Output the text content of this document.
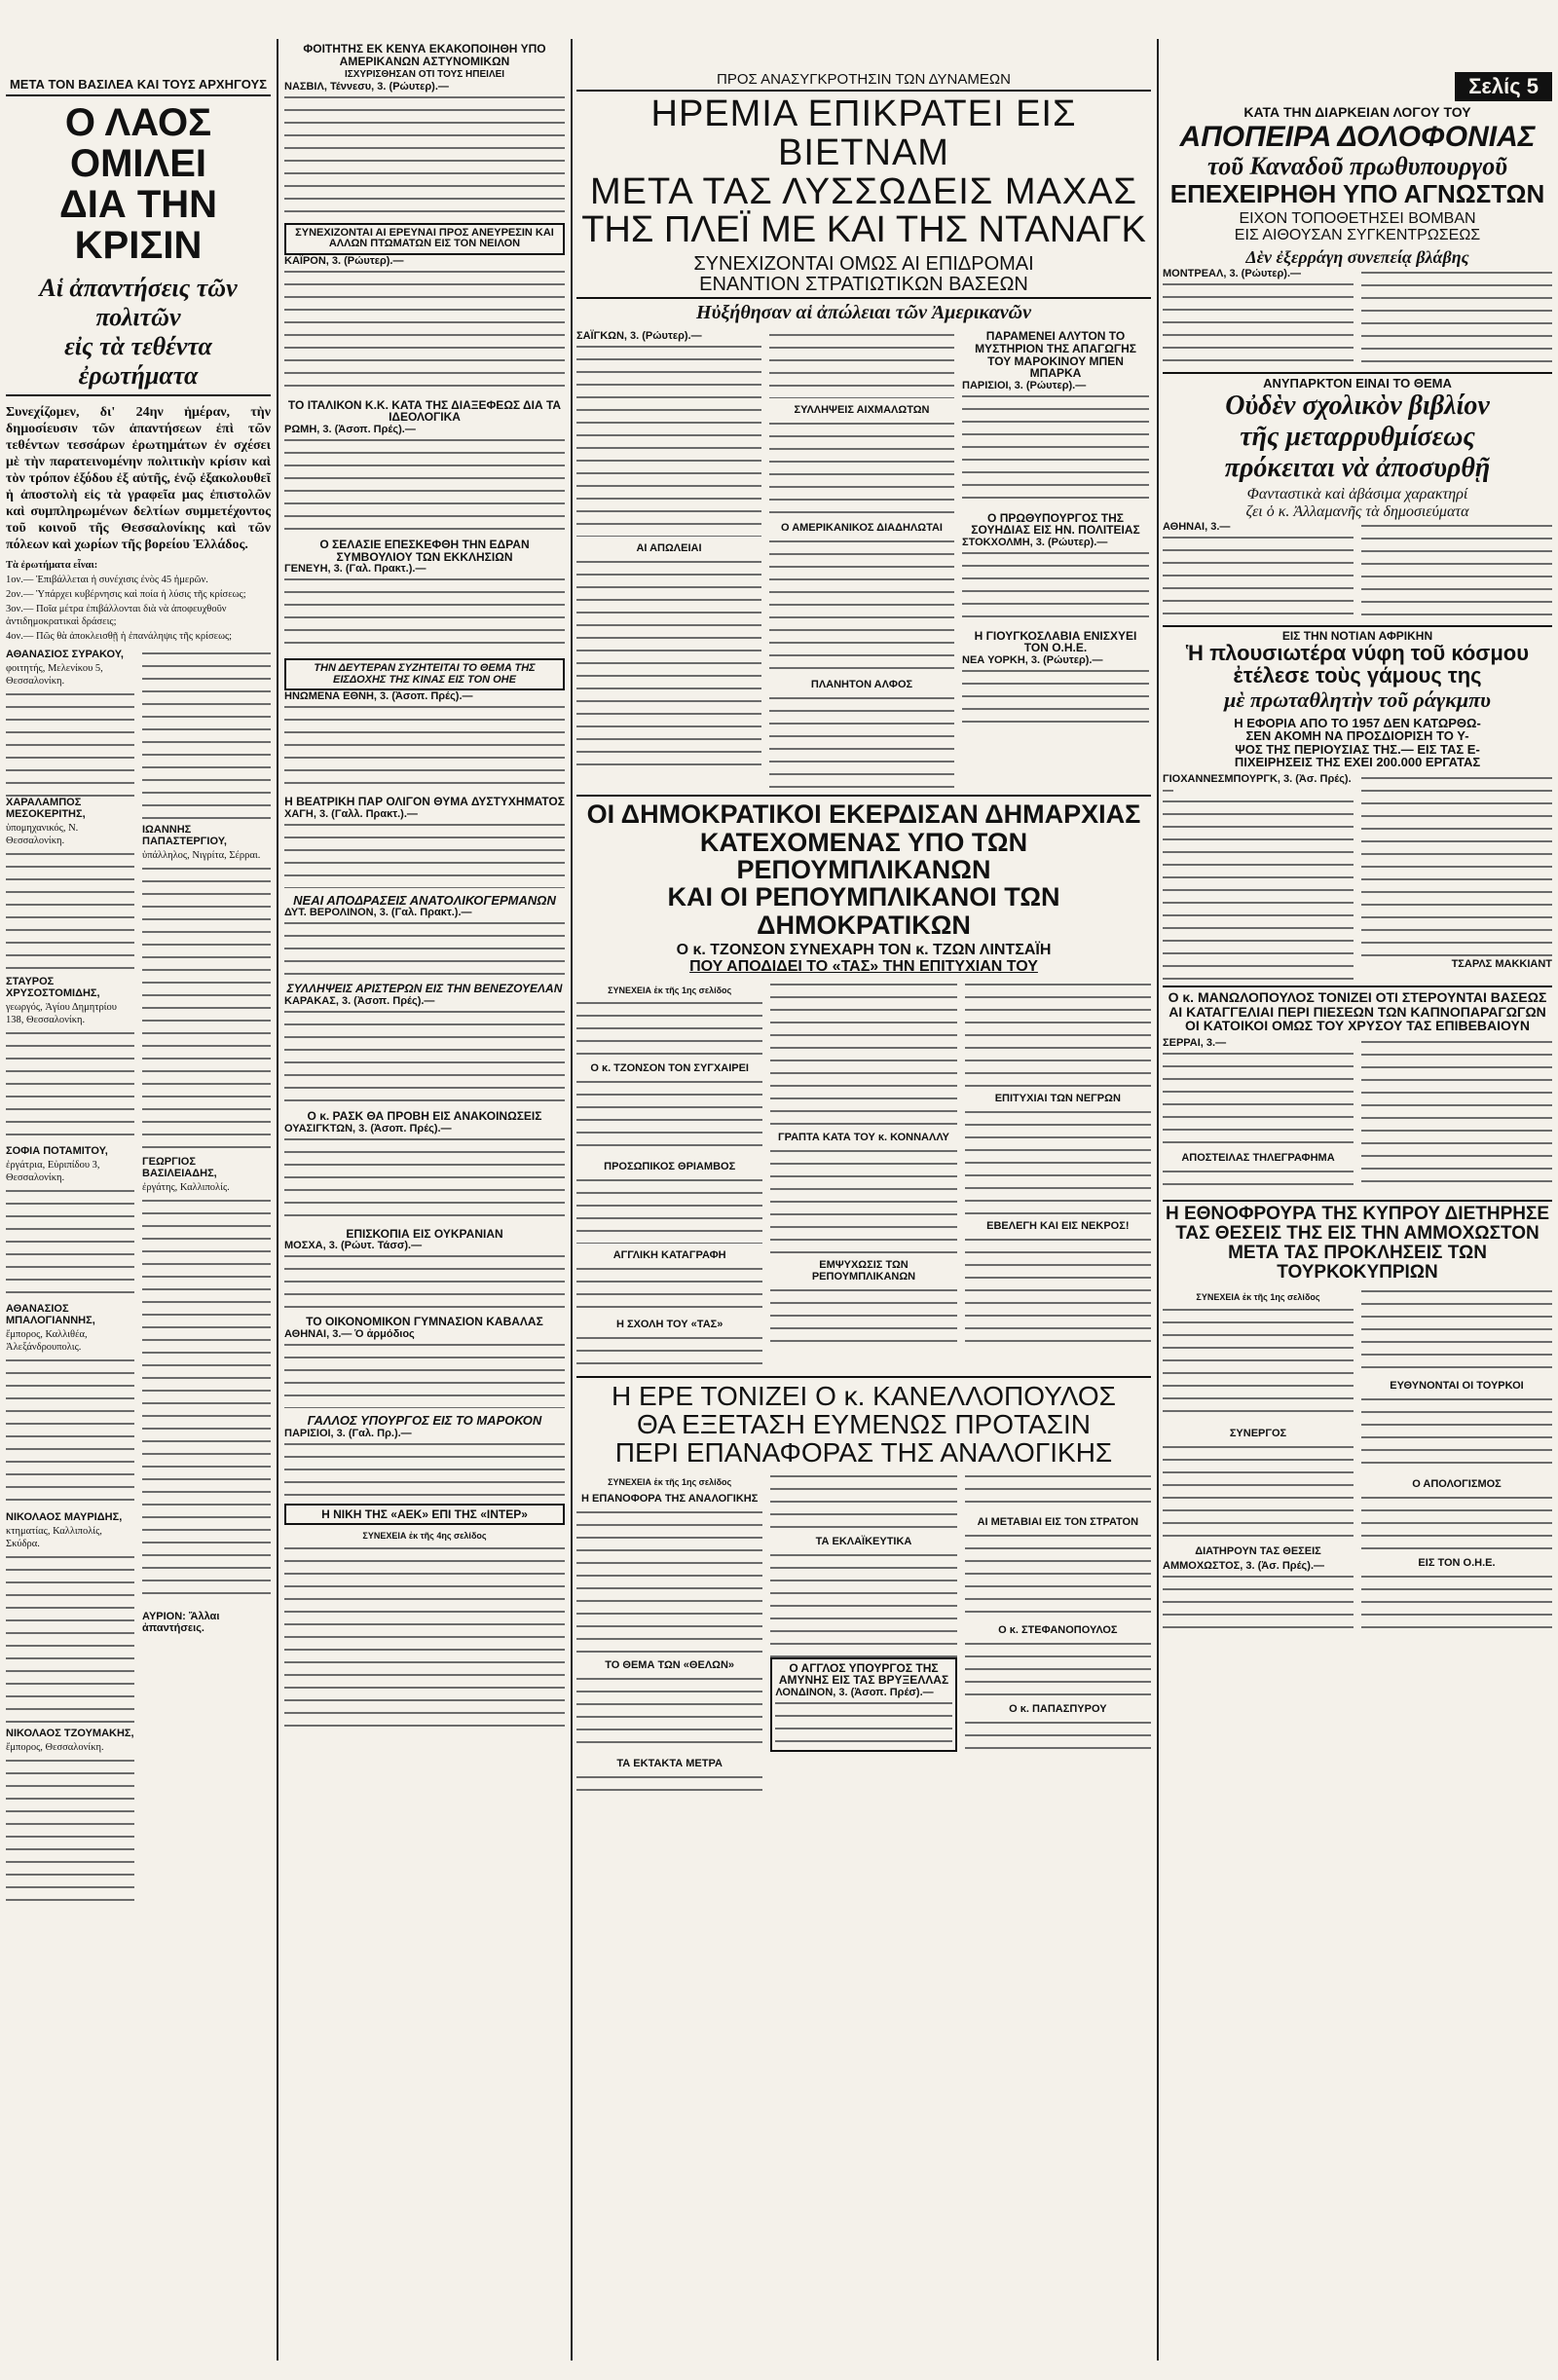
ΜΕΤΑ ΤΟΝ ΒΑΣΙΛΕΑ ΚΑΙ ΤΟΥΣ ΑΡΧΗΓΟΥΣ
Ο ΛΑΟΣ ΟΜΙΛΕΙ
ΔΙΑ ΤΗΝ ΚΡΙΣΙΝ
Αἱ ἀπαντήσεις τῶν πολιτῶν
εἰς τὰ τεθέντα ἐρωτήματα
Συνεχίζομεν, δι' 24ην ἡμέραν, τὴν δημοσίευσιν τῶν ἀπαντήσεων ἐπὶ τῶν τεθέντων τεσσάρων ἐρωτημάτων ἐν σχέσει μὲ τὴν παρατεινομένην πολιτικὴν κρίσιν καὶ τὸν τρόπον ἐξόδου ἐξ αὐτῆς, ἐνῷ ἐξακολουθεῖ ἡ ἀποστολὴ εἰς τὰ γραφεῖα μας ἐπιστολῶν καὶ συμπληρωμένων δελτίων συμμετέχοντος τοῦ κοινοῦ τῆς Θεσσαλονίκης καὶ τῶν πόλεων καὶ χωρίων τῆς βορείου Ἑλλάδος.
Τὰ ἐρωτήματα εἶναι:
1ον.— Ἐπιβάλλεται ἡ συνέχισις ἐνὸς 45 ἡμερῶν.
2ον.— Ὑπάρχει κυβέρνησις καὶ ποία ἡ λύσις τῆς κρίσεως;
3ον.— Ποῖα μέτρα ἐπιβάλλονται διὰ νὰ ἀποφευχθοῦν ἀντιδημοκρατικαὶ δράσεις;
4ον.— Πῶς θὰ ἀποκλεισθῇ ἡ ἐπανάληψις τῆς κρίσεως;
ΑΘΑΝΑΣΙΟΣ ΣΥΡΑΚΟΥ,
φοιτητής, Μελενίκου 5, Θεσσαλονίκη.
ΧΑΡΑΛΑΜΠΟΣ ΜΕΣΟΚΕΡΙΤΗΣ,
ὑπομηχανικός, Ν. Θεσσαλονίκη.
ΣΤΑΥΡΟΣ ΧΡΥΣΟΣΤΟΜΙΔΗΣ,
γεωργός, Ἁγίου Δημητρίου 138, Θεσσαλονίκη.
ΣΟΦΙΑ ΠΟΤΑΜΙΤΟΥ,
ἐργάτρια, Εὐριπίδου 3, Θεσσαλονίκη.
ΑΘΑΝΑΣΙΟΣ ΜΠΑΛΟΓΙΑΝΝΗΣ,
ἔμπορος, Καλλιθέα, Ἀλεξάνδρουπολις.
ΝΙΚΟΛΑΟΣ ΜΑΥΡΙΔΗΣ,
κτηματίας, Καλλιπολίς, Σκύδρα.
ΝΙΚΟΛΑΟΣ ΤΖΟΥΜΑΚΗΣ,
ἔμπορος, Θεσσαλονίκη.
ΙΩΑΝΝΗΣ ΠΑΠΑΣΤΕΡΓΙΟΥ,
ὑπάλληλος, Νιγρίτα, Σέρραι.
ΓΕΩΡΓΙΟΣ ΒΑΣΙΛΕΙΑΔΗΣ,
ἐργάτης, Καλλιπολίς.
ΑΥΡΙΟΝ: Ἄλλαι ἀπαντήσεις.
ΦΟΙΤΗΤΗΣ ΕΚ ΚΕΝΥΑ ΕΚΑΚΟΠΟΙΗΘΗ ΥΠΟ ΑΜΕΡΙΚΑΝΩΝ ΑΣΤΥΝΟΜΙΚΩΝ
ΙΣΧΥΡΙΣΘΗΣΑΝ ΟΤΙ ΤΟΥΣ ΗΠΕΙΛΕΙ
ΝΑΣΒΙΛ, Τέννεσυ, 3. (Ρώυτερ).—
ΣΥΝΕΧΙΖΟΝΤΑΙ ΑΙ ΕΡΕΥΝΑΙ ΠΡΟΣ ΑΝΕΥΡΕΣΙΝ ΚΑΙ ΑΛΛΩΝ ΠΤΩΜΑΤΩΝ ΕΙΣ ΤΟΝ ΝΕΙΛΟΝ
ΚΑΪΡΟΝ, 3. (Ρώυτερ).—
ΤΟ ΙΤΑΛΙΚΟΝ Κ.Κ. ΚΑΤΑ ΤΗΣ ΔΙΑΞΕΦΕΩΣ ΔΙΑ ΤΑ ΙΔΕΟΛΟΓΙΚΑ
ΡΩΜΗ, 3. (Ἀσοπ. Πρές).—
Ο ΣΕΛΑΣΙΕ ΕΠΕΣΚΕΦΘΗ ΤΗΝ ΕΔΡΑΝ ΣΥΜΒΟΥΛΙΟΥ ΤΩΝ ΕΚΚΛΗΣΙΩΝ
ΓΕΝΕΥΗ, 3. (Γαλ. Πρακτ.).—
ΤΗΝ ΔΕΥΤΕΡΑΝ ΣΥΖΗΤΕΙΤΑΙ ΤΟ ΘΕΜΑ ΤΗΣ ΕΙΣΔΟΧΗΣ ΤΗΣ ΚΙΝΑΣ ΕΙΣ ΤΟΝ ΟΗΕ
ΗΝΩΜΕΝΑ ΕΘΝΗ, 3. (Ἀσοπ. Πρές).—
Η ΒΕΑΤΡΙΚΗ ΠΑΡ ΟΛΙΓΟΝ ΘΥΜΑ ΔΥΣΤΥΧΗΜΑΤΟΣ
ΧΑΓΗ, 3. (Γαλλ. Πρακτ.).—
ΝΕΑΙ ΑΠΟΔΡΑΣΕΙΣ ΑΝΑΤΟΛΙΚΟΓΕΡΜΑΝΩΝ
ΔΥΤ. ΒΕΡΟΛΙΝΟΝ, 3. (Γαλ. Πρακτ.).—
ΣΥΛΛΗΨΕΙΣ ΑΡΙΣΤΕΡΩΝ ΕΙΣ ΤΗΝ ΒΕΝΕΖΟΥΕΛΑΝ
ΚΑΡΑΚΑΣ, 3. (Ἀσοπ. Πρές).—
Ο κ. ΡΑΣΚ ΘΑ ΠΡΟΒΗ ΕΙΣ ΑΝΑΚΟΙΝΩΣΕΙΣ
ΟΥΑΣΙΓΚΤΩΝ, 3. (Ἀσοπ. Πρές).—
ΕΠΙΣΚΟΠΙΑ ΕΙΣ ΟΥΚΡΑΝΙΑΝ
ΜΟΣΧΑ, 3. (Ρώυτ. Τάσσ).—
ΤΟ ΟΙΚΟΝΟΜΙΚΟΝ ΓΥΜΝΑΣΙΟΝ ΚΑΒΑΛΑΣ
ΑΘΗΝΑΙ, 3.— Ὁ ἀρμόδιος
ΓΑΛΛΟΣ ΥΠΟΥΡΓΟΣ ΕΙΣ ΤΟ ΜΑΡΟΚΟΝ
ΠΑΡΙΣΙΟΙ, 3. (Γαλ. Πρ.).—
Η ΝΙΚΗ ΤΗΣ «ΑΕΚ» ΕΠΙ ΤΗΣ «ΙΝΤΕΡ»
ΣΥΝΕΧΕΙΑ ἐκ τῆς 4ης σελίδος
ΠΡΟΣ ΑΝΑΣΥΓΚΡΟΤΗΣΙΝ ΤΩΝ ΔΥΝΑΜΕΩΝ
ΗΡΕΜΙΑ ΕΠΙΚΡΑΤΕΙ ΕΙΣ ΒΙΕΤΝΑΜ
ΜΕΤΑ ΤΑΣ ΛΥΣΣΩΔΕΙΣ ΜΑΧΑΣ
ΤΗΣ ΠΛΕΪ ΜΕ ΚΑΙ ΤΗΣ ΝΤΑΝΑΓΚ
ΣΥΝΕΧΙΖΟΝΤΑΙ ΟΜΩΣ ΑΙ ΕΠΙΔΡΟΜΑΙ
ΕΝΑΝΤΙΟΝ ΣΤΡΑΤΙΩΤΙΚΩΝ ΒΑΣΕΩΝ
Ηὐξήθησαν αἱ ἀπώλειαι τῶν Ἀμερικανῶν
ΣΑΪΓΚΩΝ, 3. (Ρώυτερ).—
ΑΙ ΑΠΩΛΕΙΑΙ
ΣΥΛΛΗΨΕΙΣ ΑΙΧΜΑΛΩΤΩΝ
Ο ΑΜΕΡΙΚΑΝΙΚΟΣ ΔΙΑΔΗΛΩΤΑΙ
ΠΛΑΝΗΤΟΝ ΑΛΦΟΣ
ΠΑΡΑΜΕΝΕΙ ΑΛΥΤΟΝ ΤΟ ΜΥΣΤΗΡΙΟΝ ΤΗΣ ΑΠΑΓΩΓΗΣ ΤΟΥ ΜΑΡΟΚΙΝΟΥ ΜΠΕΝ ΜΠΑΡΚΑ
ΠΑΡΙΣΙΟΙ, 3. (Ρώυτερ).—
Ο ΠΡΩΘΥΠΟΥΡΓΟΣ ΤΗΣ ΣΟΥΗΔΙΑΣ ΕΙΣ ΗΝ. ΠΟΛΙΤΕΙΑΣ
ΣΤΟΚΧΟΛΜΗ, 3. (Ρώυτερ).—
Η ΓΙΟΥΓΚΟΣΛΑΒΙΑ ΕΝΙΣΧΥΕΙ ΤΟΝ Ο.Η.Ε.
ΝΕΑ ΥΟΡΚΗ, 3. (Ρώυτερ).—
ΟΙ ΔΗΜΟΚΡΑΤΙΚΟΙ ΕΚΕΡΔΙΣΑΝ ΔΗΜΑΡΧΙΑΣ
ΚΑΤΕΧΟΜΕΝΑΣ ΥΠΟ ΤΩΝ ΡΕΠΟΥΜΠΛΙΚΑΝΩΝ
ΚΑΙ ΟΙ ΡΕΠΟΥΜΠΛΙΚΑΝΟΙ ΤΩΝ ΔΗΜΟΚΡΑΤΙΚΩΝ
Ο κ. ΤΖΟΝΣΟΝ ΣΥΝΕΧΑΡΗ ΤΟΝ κ. ΤΖΩΝ ΛΙΝΤΣΑΪΗ
ΠΟΥ ΑΠΟΔΙΔΕΙ ΤΟ «ΤΑΣ» ΤΗΝ ΕΠΙΤΥΧΙΑΝ ΤΟΥ
ΣΥΝΕΧΕΙΑ ἐκ τῆς 1ης σελίδος
Ο κ. ΤΖΟΝΣΟΝ ΤΟΝ ΣΥΓΧΑΙΡΕΙ
ΠΡΟΣΩΠΙΚΟΣ ΘΡΙΑΜΒΟΣ
ΑΓΓΛΙΚΗ ΚΑΤΑΓΡΑΦΗ
Η ΣΧΟΛΗ ΤΟΥ «ΤΑΣ»
ΓΡΑΠΤΑ ΚΑΤΑ ΤΟΥ κ. ΚΟΝΝΑΛΛΥ
ΕΜΨΥΧΩΣΙΣ ΤΩΝ ΡΕΠΟΥΜΠΛΙΚΑΝΩΝ
ΕΠΙΤΥΧΙΑΙ ΤΩΝ ΝΕΓΡΩΝ
ΕΒΕΛΕΓΗ ΚΑΙ ΕΙΣ ΝΕΚΡΟΣ!
Η ΕΡΕ ΤΟΝΙΖΕΙ Ο κ. ΚΑΝΕΛΛΟΠΟΥΛΟΣ
ΘΑ ΕΞΕΤΑΣΗ ΕΥΜΕΝΩΣ ΠΡΟΤΑΣΙΝ
ΠΕΡΙ ΕΠΑΝΑΦΟΡΑΣ ΤΗΣ ΑΝΑΛΟΓΙΚΗΣ
ΣΥΝΕΧΕΙΑ ἐκ τῆς 1ης σελίδος
Η ΕΠΑΝΟΦΟΡΑ ΤΗΣ ΑΝΑΛΟΓΙΚΗΣ
ΤΟ ΘΕΜΑ ΤΩΝ «ΘΕΛΩΝ»
ΤΑ ΕΚΤΑΚΤΑ ΜΕΤΡΑ
ΤΑ ΕΚΛΑΪΚΕΥΤΙΚΑ
Ο ΑΓΓΛΟΣ ΥΠΟΥΡΓΟΣ ΤΗΣ ΑΜΥΝΗΣ ΕΙΣ ΤΑΣ ΒΡΥΞΕΛΛΑΣ
ΛΟΝΔΙΝΟΝ, 3. (Ἀσοπ. Πρέσ).—
ΑΙ ΜΕΤΑΒΙΑΙ ΕΙΣ ΤΟΝ ΣΤΡΑΤΟΝ
Ο κ. ΣΤΕΦΑΝΟΠΟΥΛΟΣ
Ο κ. ΠΑΠΑΣΠΥΡΟΥ
Σελίς 5
ΚΑΤΑ ΤΗΝ ΔΙΑΡΚΕΙΑΝ ΛΟΓΟΥ ΤΟΥ
ΑΠΟΠΕΙΡΑ ΔΟΛΟΦΟΝΙΑΣ
τοῦ Καναδοῦ πρωθυπουργοῦ
ΕΠΕΧΕΙΡΗΘΗ ΥΠΟ ΑΓΝΩΣΤΩΝ
ΕΙΧΟΝ ΤΟΠΟΘΕΤΗΣΕΙ ΒΟΜΒΑΝ
ΕΙΣ ΑΙΘΟΥΣΑΝ ΣΥΓΚΕΝΤΡΩΣΕΩΣ
Δὲν ἐξερράγη συνεπείᾳ βλάβης
ΜΟΝΤΡΕΑΛ, 3. (Ρώυτερ).—
ΑΝΥΠΑΡΚΤΟΝ ΕΙΝΑΙ ΤΟ ΘΕΜΑ
Οὐδὲν σχολικὸν βιβλίον
τῆς μεταρρυθμίσεως
πρόκειται νὰ ἀποσυρθῇ
Φανταστικὰ καὶ ἀβάσιμα χαρακτηρί
ζει ὁ κ. Ἀλλαμανῆς τὰ δημοσιεύματα
ΑΘΗΝΑΙ, 3.—
ΕΙΣ ΤΗΝ ΝΟΤΙΑΝ ΑΦΡΙΚΗΝ
Ἡ πλουσιωτέρα νύφη τοῦ κόσμου
ἐτέλεσε τοὺς γάμους της
μὲ πρωταθλητὴν τοῦ ράγκμπυ
Η ΕΦΟΡΙΑ ΑΠΟ ΤΟ 1957 ΔΕΝ ΚΑΤΩΡΘΩ-
ΣΕΝ ΑΚΟΜΗ ΝΑ ΠΡΟΣΔΙΟΡΙΣΗ ΤΟ Υ-
ΨΟΣ ΤΗΣ ΠΕΡΙΟΥΣΙΑΣ ΤΗΣ.— ΕΙΣ ΤΑΣ Ε-
ΠΙΧΕΙΡΗΣΕΙΣ ΤΗΣ ΕΧΕΙ 200.000 ΕΡΓΑΤΑΣ
ΓΙΟΧΑΝΝΕΣΜΠΟΥΡΓΚ, 3. (Ἀσ. Πρές).—
ΤΣΑΡΛΣ ΜΑΚΚΙΑΝΤ
Ο κ. ΜΑΝΩΛΟΠΟΥΛΟΣ ΤΟΝΙΖΕΙ ΟΤΙ ΣΤΕΡΟΥΝΤΑΙ ΒΑΣΕΩΣ
ΑΙ ΚΑΤΑΓΓΕΛΙΑΙ ΠΕΡΙ ΠΙΕΣΕΩΝ ΤΩΝ ΚΑΠΝΟΠΑΡΑΓΩΓΩΝ
ΟΙ ΚΑΤΟΙΚΟΙ ΟΜΩΣ ΤΟΥ ΧΡΥΣΟΥ ΤΑΣ ΕΠΙΒΕΒΑΙΟΥΝ
ΣΕΡΡΑΙ, 3.—
ΑΠΟΣΤΕΙΛΑΣ ΤΗΛΕΓΡΑΦΗΜΑ
Η ΕΘΝΟΦΡΟΥΡΑ ΤΗΣ ΚΥΠΡΟΥ ΔΙΕΤΗΡΗΣΕ
ΤΑΣ ΘΕΣΕΙΣ ΤΗΣ ΕΙΣ ΤΗΝ ΑΜΜΟΧΩΣΤΟΝ
ΜΕΤΑ ΤΑΣ ΠΡΟΚΛΗΣΕΙΣ ΤΩΝ ΤΟΥΡΚΟΚΥΠΡΙΩΝ
ΣΥΝΕΧΕΙΑ ἐκ τῆς 1ης σελίδος
ΣΥΝΕΡΓΟΣ
ΔΙΑΤΗΡΟΥΝ ΤΑΣ ΘΕΣΕΙΣ
ΑΜΜΟΧΩΣΤΟΣ, 3. (Ἀσ. Πρές).—
ΕΥΘΥΝΟΝΤΑΙ ΟΙ ΤΟΥΡΚΟΙ
Ο ΑΠΟΛΟΓΙΣΜΟΣ
ΕΙΣ ΤΟΝ Ο.Η.Ε.
